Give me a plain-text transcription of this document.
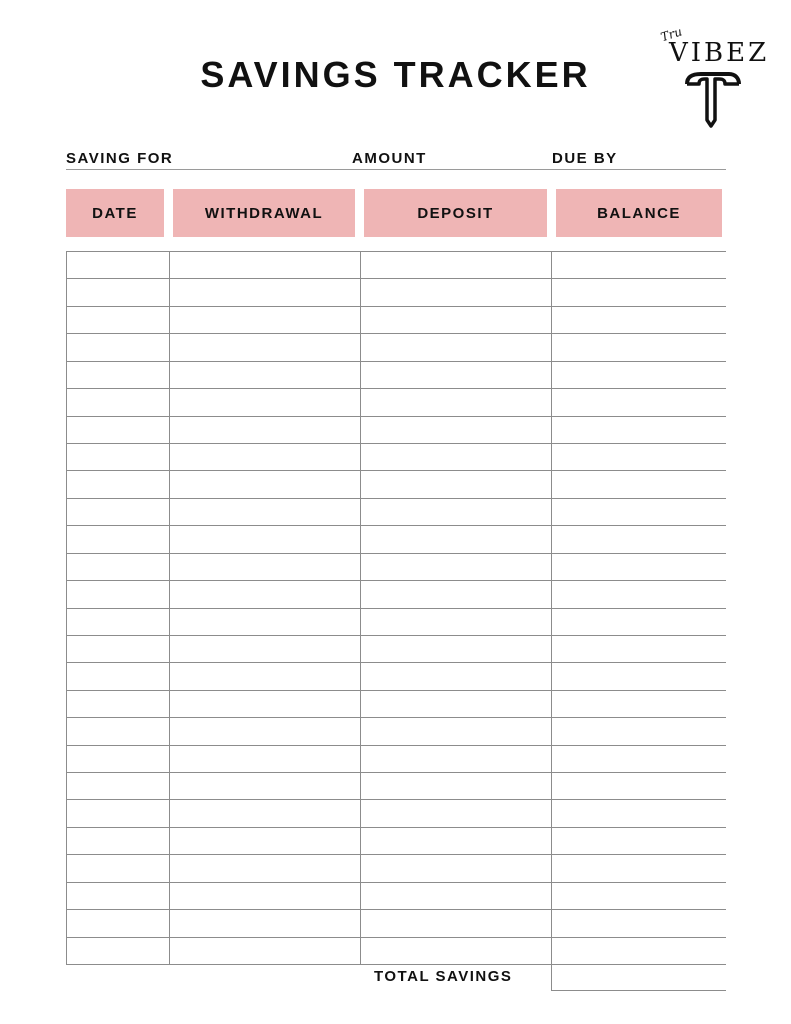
SAVINGS TRACKER
Tru
VIBEZ
SAVING FOR	AMOUNT	DUE BY
DATE	WITHDRAWAL	DEPOSIT	BALANCE
TOTAL SAVINGS
